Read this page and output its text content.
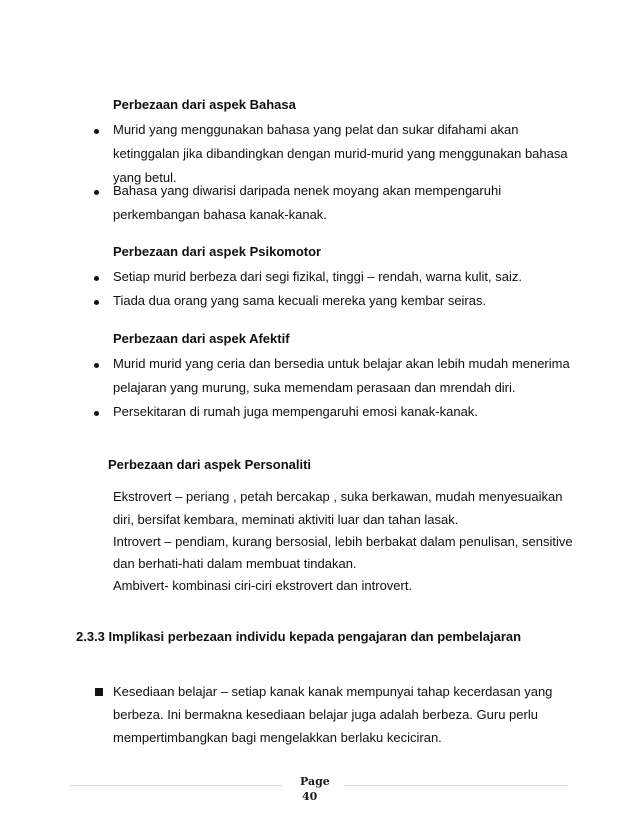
Perbezaan dari aspek Bahasa
Murid yang menggunakan bahasa yang pelat dan sukar difahami akan
ketinggalan jika dibandingkan dengan murid-murid yang menggunakan bahasa
yang betul.
Bahasa yang diwarisi daripada nenek moyang akan mempengaruhi
perkembangan bahasa kanak-kanak.
Perbezaan dari aspek Psikomotor
Setiap murid berbeza dari segi fizikal, tinggi – rendah, warna kulit, saiz.
Tiada dua orang yang sama kecuali mereka yang kembar seiras.
Perbezaan dari aspek Afektif
Murid murid yang ceria dan bersedia untuk belajar akan lebih mudah menerima
pelajaran yang murung, suka memendam perasaan dan mrendah diri.
Persekitaran di rumah juga mempengaruhi emosi kanak-kanak.
Perbezaan dari aspek Personaliti
Ekstrovert – periang , petah bercakap , suka berkawan, mudah menyesuaikan
diri, bersifat kembara, meminati aktiviti luar dan tahan lasak.
Introvert – pendiam, kurang bersosial, lebih berbakat dalam penulisan, sensitive
dan berhati-hati dalam membuat tindakan.
Ambivert- kombinasi ciri-ciri ekstrovert dan introvert.
2.3.3 Implikasi perbezaan individu kepada pengajaran dan pembelajaran
Kesediaan belajar – setiap kanak kanak mempunyai tahap kecerdasan yang
berbeza. Ini bermakna kesediaan belajar juga adalah berbeza. Guru perlu
mempertimbangkan bagi mengelakkan berlaku keciciran.
Page
40
